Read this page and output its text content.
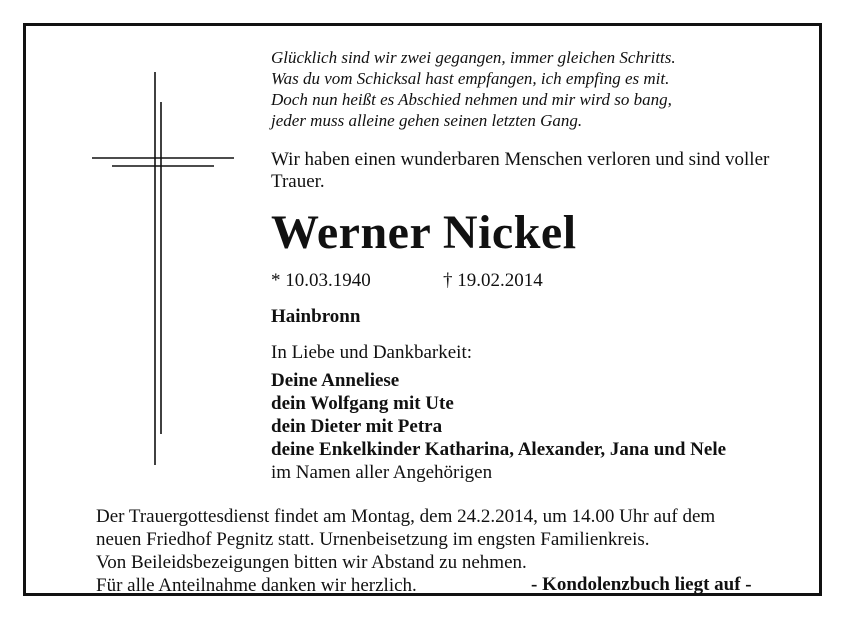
Glücklich sind wir zwei gegangen, immer gleichen Schritts.
Was du vom Schicksal hast empfangen, ich empfing es mit.
Doch nun heißt es Abschied nehmen und mir wird so bang,
jeder muss alleine gehen seinen letzten Gang.
Wir haben einen wunderbaren Menschen verloren und sind voller Trauer.
Werner Nickel
* 10.03.1940	† 19.02.2014
Hainbronn
In Liebe und Dankbarkeit:
Deine Anneliese
dein Wolfgang mit Ute
dein Dieter mit Petra
deine Enkelkinder Katharina, Alexander, Jana und Nele
im Namen aller Angehörigen
Der Trauergottesdienst findet am Montag, dem 24.2.2014, um 14.00 Uhr auf dem
neuen Friedhof Pegnitz statt. Urnenbeisetzung im engsten Familienkreis.
Von Beileidsbezeigungen bitten wir Abstand zu nehmen.
Für alle Anteilnahme danken wir herzlich.	- Kondolenzbuch liegt auf -
